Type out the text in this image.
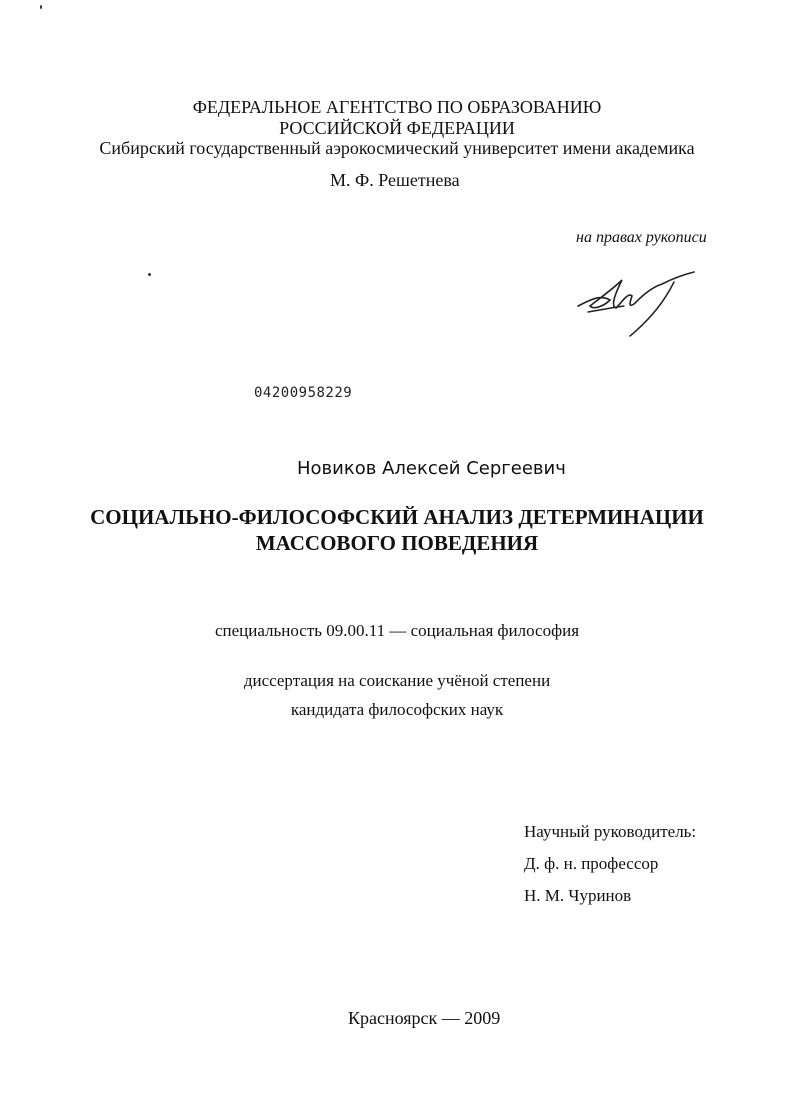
ФЕДЕРАЛЬНОЕ АГЕНТСТВО ПО ОБРАЗОВАНИЮ
РОССИЙСКОЙ ФЕДЕРАЦИИ
Сибирский государственный аэрокосмический университет имени академика
М. Ф. Решетнева
на правах рукописи
04200958229
Новиков Алексей Сергеевич
СОЦИАЛЬНО-ФИЛОСОФСКИЙ АНАЛИЗ ДЕТЕРМИНАЦИИ
МАССОВОГО ПОВЕДЕНИЯ
специальность 09.00.11 — социальная философия
диссертация на соискание учёной степени
кандидата философских наук
Научный руководитель:
Д. ф. н. профессор
Н. М. Чуринов
Красноярск — 2009
